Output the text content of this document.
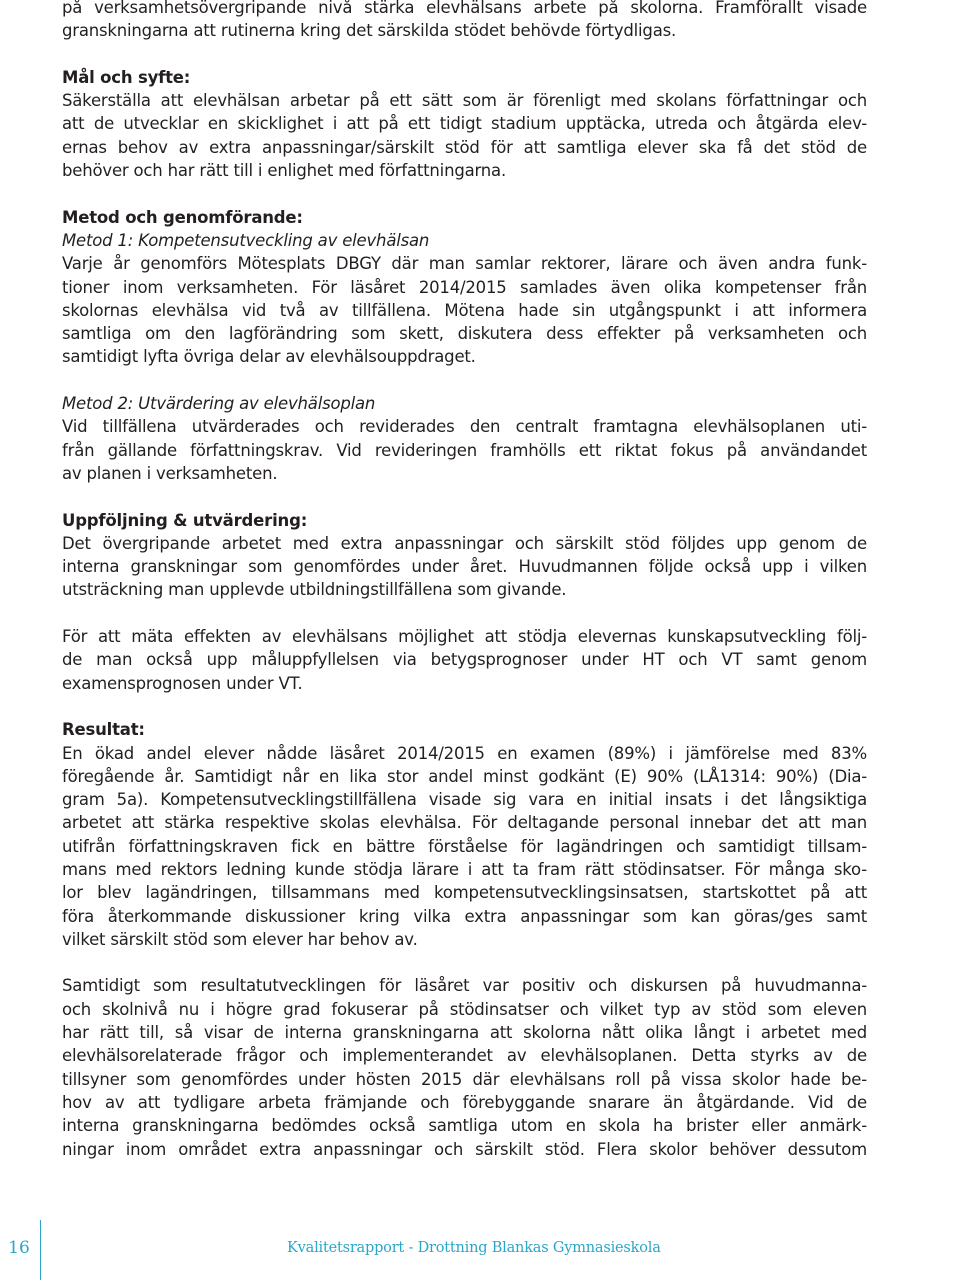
på verksamhetsövergripande nivå stärka elevhälsans arbete på skolorna. Framförallt visade
granskningarna att rutinerna kring det särskilda stödet behövde förtydligas.
Mål och syfte:
Säkerställa att elevhälsan arbetar på ett sätt som är förenligt med skolans författningar och
att de utvecklar en skicklighet i att på ett tidigt stadium upptäcka, utreda och åtgärda elev-
ernas behov av extra anpassningar/särskilt stöd för att samtliga elever ska få det stöd de
behöver och har rätt till i enlighet med författningarna.
Metod och genomförande:
Metod 1: Kompetensutveckling av elevhälsan
Varje år genomförs Mötesplats DBGY där man samlar rektorer, lärare och även andra funk-
tioner inom verksamheten. För läsåret 2014/2015 samlades även olika kompetenser från
skolornas elevhälsa vid två av tillfällena. Mötena hade sin utgångspunkt i att informera
samtliga om den lagförändring som skett, diskutera dess effekter på verksamheten och
samtidigt lyfta övriga delar av elevhälsouppdraget.
Metod 2: Utvärdering av elevhälsoplan
Vid tillfällena utvärderades och reviderades den centralt framtagna elevhälsoplanen uti-
från gällande författningskrav. Vid revideringen framhölls ett riktat fokus på användandet
av planen i verksamheten.
Uppföljning & utvärdering:
Det övergripande arbetet med extra anpassningar och särskilt stöd följdes upp genom de
interna granskningar som genomfördes under året. Huvudmannen följde också upp i vilken
utsträckning man upplevde utbildningstillfällena som givande.
För att mäta effekten av elevhälsans möjlighet att stödja elevernas kunskapsutveckling följ-
de man också upp måluppfyllelsen via betygsprognoser under HT och VT samt genom
examensprognosen under VT.
Resultat:
En ökad andel elever nådde läsåret 2014/2015 en examen (89%) i jämförelse med 83%
föregående år. Samtidigt når en lika stor andel minst godkänt (E) 90% (LÅ1314: 90%) (Dia-
gram 5a). Kompetensutvecklingstillfällena visade sig vara en initial insats i det långsiktiga
arbetet att stärka respektive skolas elevhälsa. För deltagande personal innebar det att man
utifrån författningskraven fick en bättre förståelse för lagändringen och samtidigt tillsam-
mans med rektors ledning kunde stödja lärare i att ta fram rätt stödinsatser. För många sko-
lor blev lagändringen, tillsammans med kompetensutvecklingsinsatsen, startskottet på att
föra återkommande diskussioner kring vilka extra anpassningar som kan göras/ges samt
vilket särskilt stöd som elever har behov av.
Samtidigt som resultatutvecklingen för läsåret var positiv och diskursen på huvudmanna-
och skolnivå nu i högre grad fokuserar på stödinsatser och vilket typ av stöd som eleven
har rätt till, så visar de interna granskningarna att skolorna nått olika långt i arbetet med
elevhälsorelaterade frågor och implementerandet av elevhälsoplanen. Detta styrks av de
tillsyner som genomfördes under hösten 2015 där elevhälsans roll på vissa skolor hade be-
hov av att tydligare arbeta främjande och förebyggande snarare än åtgärdande. Vid de
interna granskningarna bedömdes också samtliga utom en skola ha brister eller anmärk-
ningar inom området extra anpassningar och särskilt stöd. Flera skolor behöver dessutom
16	Kvalitetsrapport - Drottning Blankas Gymnasieskola
